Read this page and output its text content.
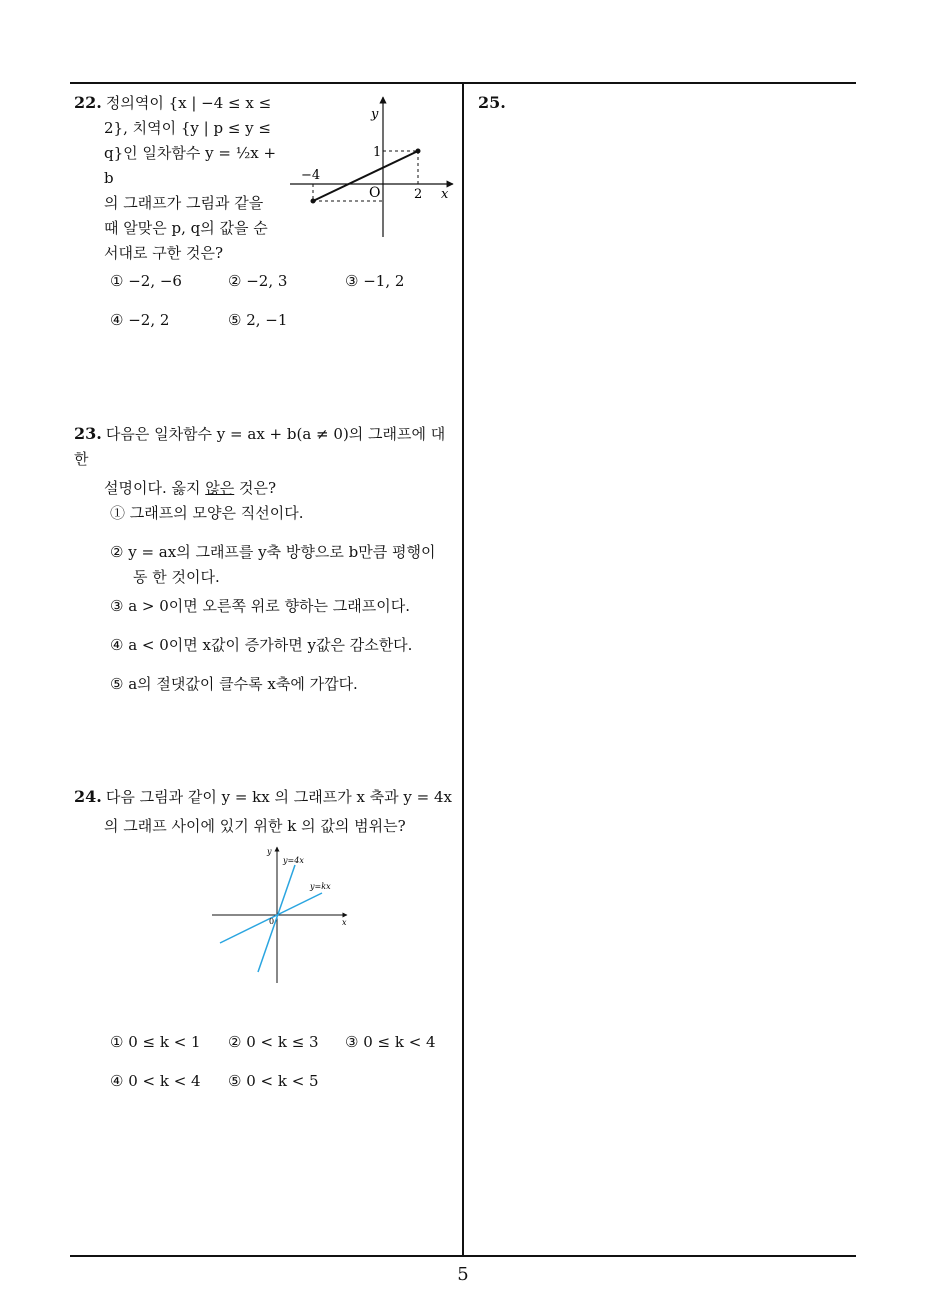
22. 정의역이 {x | −4 ≤ x ≤
2}, 치역이 {y | p ≤ y ≤
q}인 일차함수 y = ½x + b
의 그래프가 그림과 같을
때 알맞은 p, q의 값을 순
서대로 구한 것은?
y
x
O
−4
2
1
① −2, −6	② −2, 3	③ −1, 2
④ −2, 2	⑤ 2, −1
23. 다음은 일차함수 y = ax + b(a ≠ 0)의 그래프에 대한
설명이다. 옳지 않은 것은?
① 그래프의 모양은 직선이다.
② y = ax의 그래프를 y축 방향으로 b만큼 평행이
동 한 것이다.
③ a > 0이면 오른쪽 위로 향하는 그래프이다.
④ a < 0이면 x값이 증가하면 y값은 감소한다.
⑤ a의 절댓값이 클수록 x축에 가깝다.
24. 다음 그림과 같이 y = kx 의 그래프가 x 축과 y = 4x
의 그래프 사이에 있기 위한 k 의 값의 범위는?
y
x
0
y=4x
y=kx
① 0 ≤ k < 1 ② 0 < k ≤ 3 ③ 0 ≤ k < 4
④ 0 < k < 4 ⑤ 0 < k < 5
25.
5
